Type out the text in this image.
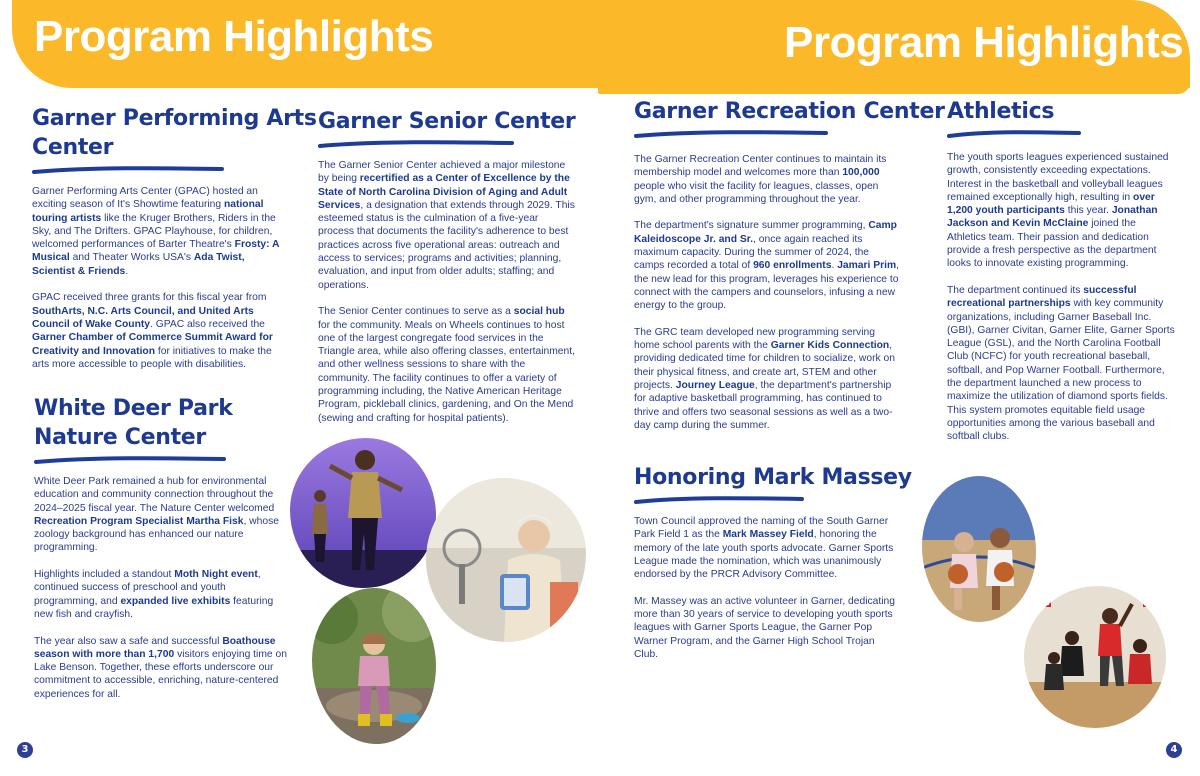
Program Highlights	Program Highlights
Garner Performing Arts
Center

Garner Performing Arts Center (GPAC) hosted an exciting season of It's Showtime featuring national touring artists like the Kruger Brothers, Riders in the Sky, and The Drifters. GPAC Playhouse, for children, welcomed performances of Barter Theatre's Frosty: A Musical and Theater Works USA's Ada Twist, Scientist & Friends.

GPAC received three grants for this fiscal year from SouthArts, N.C. Arts Council, and United Arts Council of Wake County. GPAC also received the Garner Chamber of Commerce Summit Award for Creativity and Innovation for initiatives to make the arts more accessible to people with disabilities.

White Deer Park
Nature Center

White Deer Park remained a hub for environmental education and community connection throughout the 2024–2025 fiscal year. The Nature Center welcomed Recreation Program Specialist Martha Fisk, whose zoology background has enhanced our nature programming.

Highlights included a standout Moth Night event, continued success of preschool and youth programming, and expanded live exhibits featuring new fish and crayfish.

The year also saw a safe and successful Boathouse season with more than 1,700 visitors enjoying time on Lake Benson. Together, these efforts underscore our commitment to accessible, enriching, nature-centered experiences for all.

Garner Senior Center

The Garner Senior Center achieved a major milestone by being recertified as a Center of Excellence by the State of North Carolina Division of Aging and Adult Services, a designation that extends through 2029. This esteemed status is the culmination of a five-year process that documents the facility's adherence to best practices across five operational areas: outreach and access to services; programs and activities; planning, evaluation, and input from older adults; staffing; and operations.

The Senior Center continues to serve as a social hub for the community. Meals on Wheels continues to host one of the largest congregate food services in the Triangle area, while also offering classes, entertainment, and other wellness sessions to share with the community. The facility continues to offer a variety of programming including, the Native American Heritage Program, pickleball clinics, gardening, and On the Mend (sewing and crafting for hospital patients).

Garner Recreation Center

The Garner Recreation Center continues to maintain its membership model and welcomes more than 100,000 people who visit the facility for leagues, classes, open gym, and other programming throughout the year.

The department's signature summer programming, Camp Kaleidoscope Jr. and Sr., once again reached its maximum capacity. During the summer of 2024, the camps recorded a total of 960 enrollments. Jamari Prim, the new lead for this program, leverages his experience to connect with the campers and counselors, infusing a new energy to the group.

The GRC team developed new programming serving home school parents with the Garner Kids Connection, providing dedicated time for children to socialize, work on their physical fitness, and create art, STEM and other projects. Journey League, the department's partnership for adaptive basketball programming, has continued to thrive and offers two seasonal sessions as well as a two-day camp during the summer.

Honoring Mark Massey

Town Council approved the naming of the South Garner Park Field 1 as the Mark Massey Field, honoring the memory of the late youth sports advocate. Garner Sports League made the nomination, which was unanimously endorsed by the PRCR Advisory Committee.

Mr. Massey was an active volunteer in Garner, dedicating more than 30 years of service to developing youth sports leagues with Garner Sports League, the Garner Pop Warner Program, and the Garner High School Trojan Club.

Athletics

The youth sports leagues experienced sustained growth, consistently exceeding expectations. Interest in the basketball and volleyball leagues remained exceptionally high, resulting in over 1,200 youth participants this year. Jonathan Jackson and Kevin McClaine joined the Athletics team. Their passion and dedication provide a fresh perspective as the department looks to innovate existing programming.

The department continued its successful recreational partnerships with key community organizations, including Garner Baseball Inc. (GBI), Garner Civitan, Garner Elite, Garner Sports League (GSL), and the North Carolina Football Club (NCFC) for youth recreational baseball, softball, and Pop Warner Football. Furthermore, the department launched a new process to maximize the utilization of diamond sports fields. This system promotes equitable field usage opportunities among the various baseball and softball clubs.

3	4
